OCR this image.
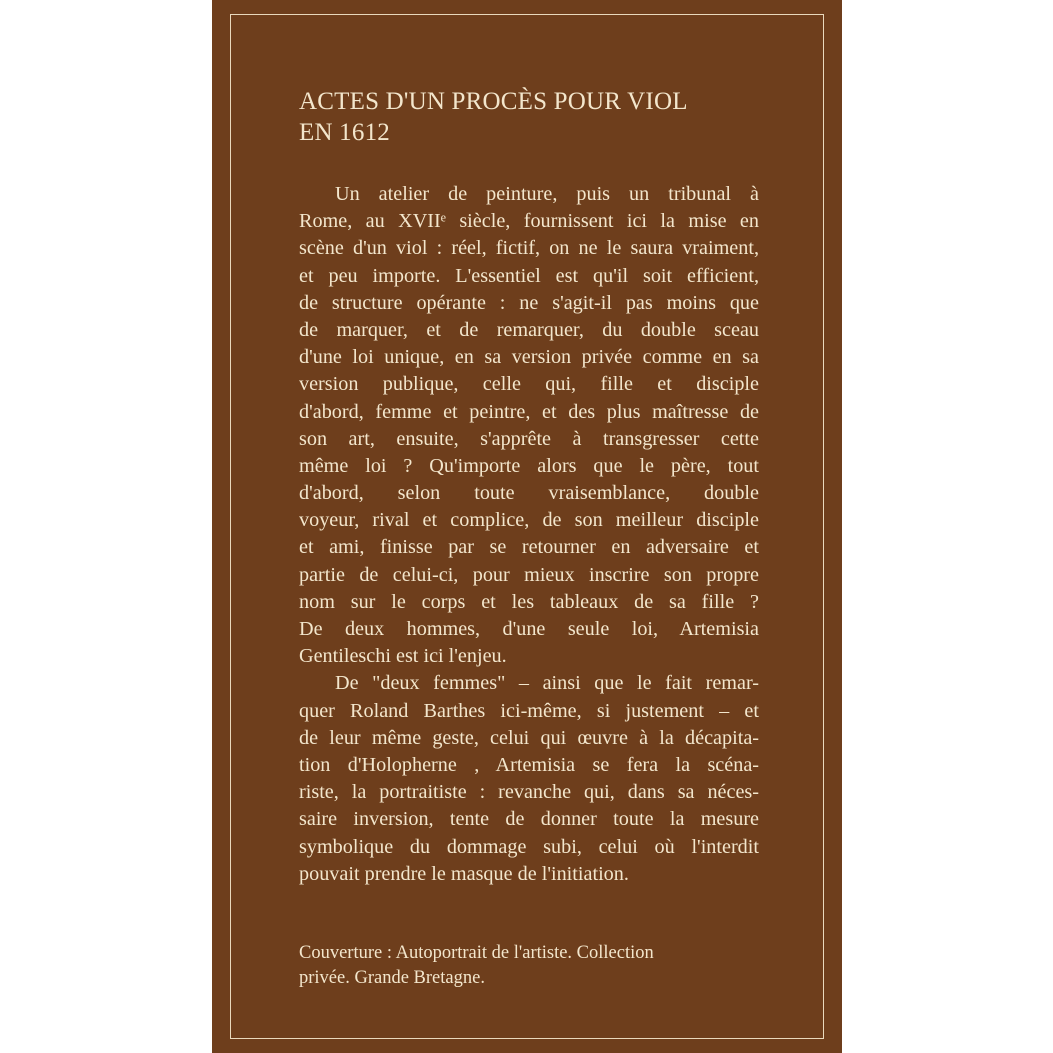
ACTES D'UN PROCÈS POUR VIOL
EN 1612
Un atelier de peinture, puis un tribunal à
Rome, au XVIIᵉ siècle, fournissent ici la mise en
scène d'un viol : réel, fictif, on ne le saura vraiment,
et peu importe. L'essentiel est qu'il soit efficient,
de structure opérante : ne s'agit-il pas moins que
de marquer, et de remarquer, du double sceau
d'une loi unique, en sa version privée comme en sa
version publique, celle qui, fille et disciple
d'abord, femme et peintre, et des plus maîtresse de
son art, ensuite, s'apprête à transgresser cette
même loi ? Qu'importe alors que le père, tout
d'abord, selon toute vraisemblance, double
voyeur, rival et complice, de son meilleur disciple
et ami, finisse par se retourner en adversaire et
partie de celui-ci, pour mieux inscrire son propre
nom sur le corps et les tableaux de sa fille ?
De deux hommes, d'une seule loi, Artemisia
Gentileschi est ici l'enjeu.
De "deux femmes" – ainsi que le fait remar-
quer Roland Barthes ici-même, si justement – et
de leur même geste, celui qui œuvre à la décapita-
tion d'Holopherne , Artemisia se fera la scéna-
riste, la portraitiste : revanche qui, dans sa néces-
saire inversion, tente de donner toute la mesure
symbolique du dommage subi, celui où l'interdit
pouvait prendre le masque de l'initiation.
Couverture : Autoportrait de l'artiste. Collection
privée. Grande Bretagne.
